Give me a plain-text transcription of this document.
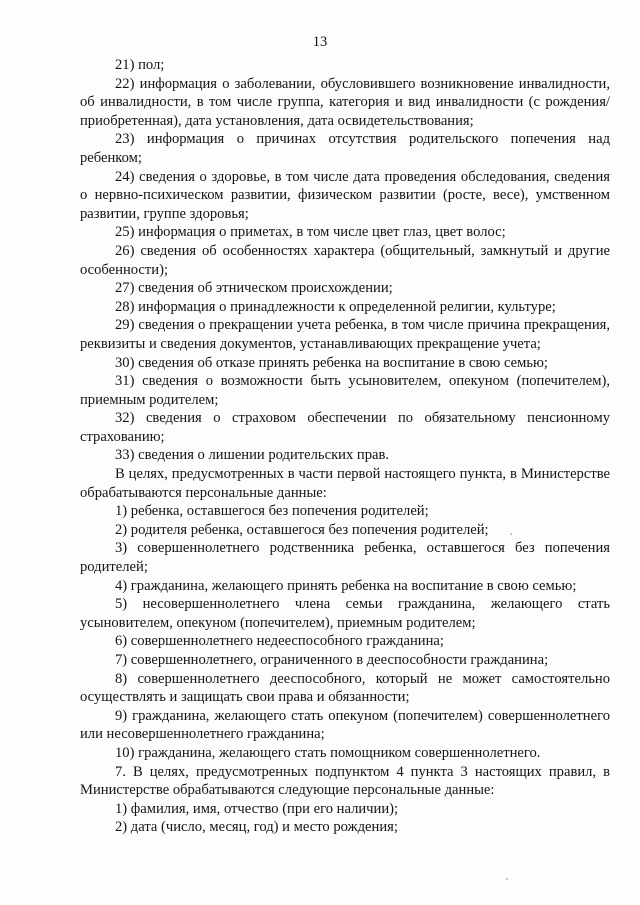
13

21) пол;

22) информация о заболевании, обусловившего возникновение инвалидности, об инвалидности, в том числе группа, категория и вид инвалидности (с рождения/приобретенная), дата установления, дата освидетельствования;

23) информация о причинах отсутствия родительского попечения над ребенком;

24) сведения о здоровье, в том числе дата проведения обследования, сведения о нервно-психическом развитии, физическом развитии (росте, весе), умственном развитии, группе здоровья;

25) информация о приметах, в том числе цвет глаз, цвет волос;

26) сведения об особенностях характера (общительный, замкнутый и другие особенности);

27) сведения об этническом происхождении;

28) информация о принадлежности к определенной религии, культуре;

29) сведения о прекращении учета ребенка, в том числе причина прекращения, реквизиты и сведения документов, устанавливающих прекращение учета;

30) сведения об отказе принять ребенка на воспитание в свою семью;

31) сведения о возможности быть усыновителем, опекуном (попечителем), приемным родителем;

32) сведения о страховом обеспечении по обязательному пенсионному страхованию;

33) сведения о лишении родительских прав.

В целях, предусмотренных в части первой настоящего пункта, в Министерстве обрабатываются персональные данные:

1) ребенка, оставшегося без попечения родителей;

2) родителя ребенка, оставшегося без попечения родителей;

3) совершеннолетнего родственника ребенка, оставшегося без попечения родителей;

4) гражданина, желающего принять ребенка на воспитание в свою семью;

5) несовершеннолетнего члена семьи гражданина, желающего стать усыновителем, опекуном (попечителем), приемным родителем;

6) совершеннолетнего недееспособного гражданина;

7) совершеннолетнего, ограниченного в дееспособности гражданина;

8) совершеннолетнего дееспособного, который не может самостоятельно осуществлять и защищать свои права и обязанности;

9) гражданина, желающего стать опекуном (попечителем) совершеннолетнего или несовершеннолетнего гражданина;

10) гражданина, желающего стать помощником совершеннолетнего.

7. В целях, предусмотренных подпунктом 4 пункта 3 настоящих правил, в Министерстве обрабатываются следующие персональные данные:

1) фамилия, имя, отчество (при его наличии);

2) дата (число, месяц, год) и место рождения;
